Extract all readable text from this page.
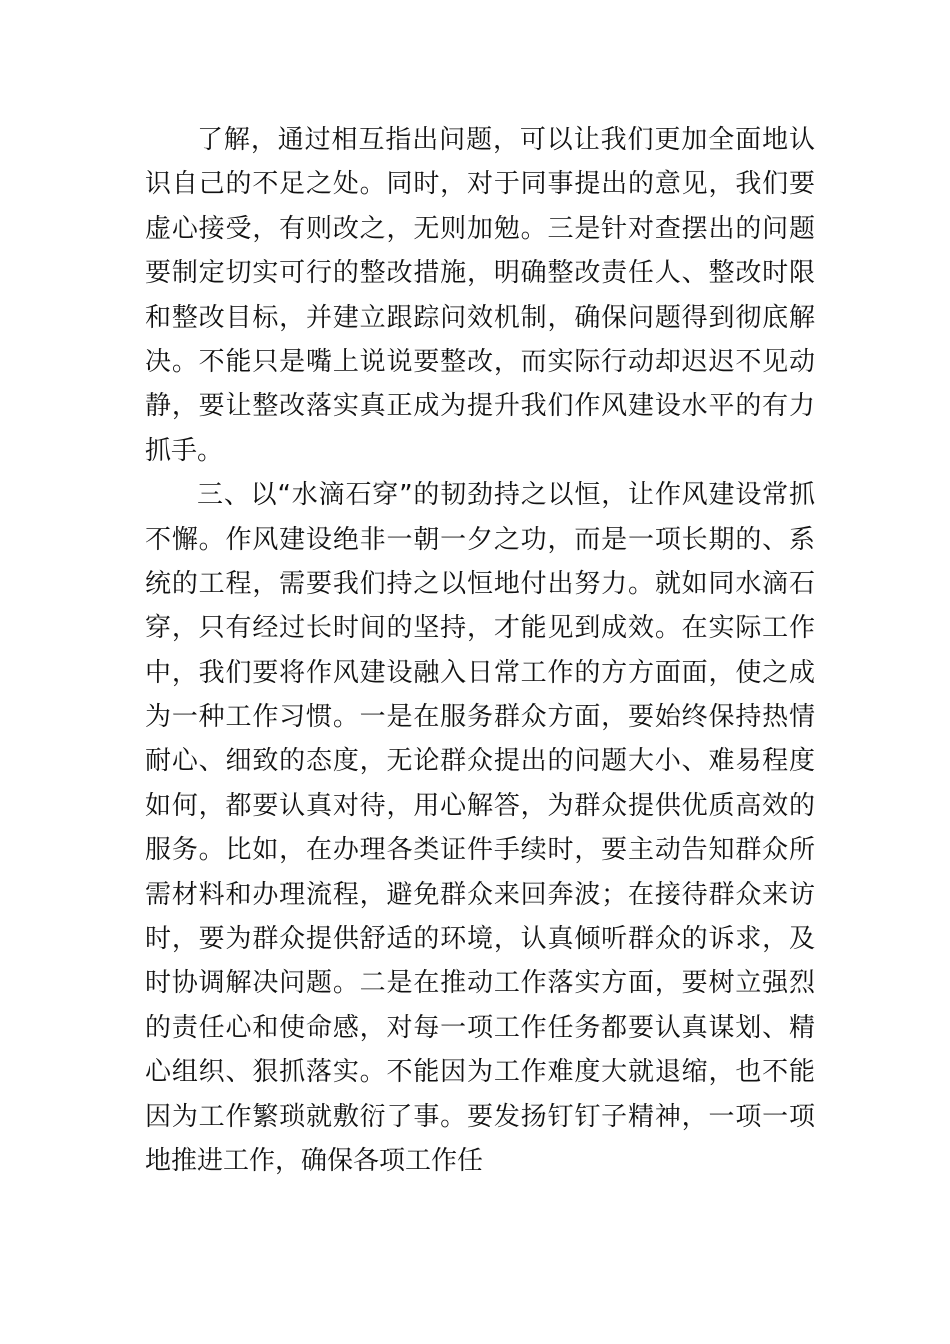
了解，通过相互指出问题，可以让我们更加全面地认
识自己的不足之处。同时，对于同事提出的意见，我们要
虚心接受，有则改之，无则加勉。三是针对查摆出的问题
要制定切实可行的整改措施，明确整改责任人、整改时限
和整改目标，并建立跟踪问效机制，确保问题得到彻底解
决。不能只是嘴上说说要整改，而实际行动却迟迟不见动
静，要让整改落实真正成为提升我们作风建设水平的有力
抓手。
三、以“水滴石穿”的韧劲持之以恒，让作风建设常抓
不懈。作风建设绝非一朝一夕之功，而是一项长期的、系
统的工程，需要我们持之以恒地付出努力。就如同水滴石
穿，只有经过长时间的坚持，才能见到成效。在实际工作
中，我们要将作风建设融入日常工作的方方面面，使之成
为一种工作习惯。一是在服务群众方面，要始终保持热情
耐心、细致的态度，无论群众提出的问题大小、难易程度
如何，都要认真对待，用心解答，为群众提供优质高效的
服务。比如，在办理各类证件手续时，要主动告知群众所
需材料和办理流程，避免群众来回奔波；在接待群众来访
时，要为群众提供舒适的环境，认真倾听群众的诉求，及
时协调解决问题。二是在推动工作落实方面，要树立强烈
的责任心和使命感，对每一项工作任务都要认真谋划、精
心组织、狠抓落实。不能因为工作难度大就退缩，也不能
因为工作繁琐就敷衍了事。要发扬钉钉子精神，一项一项
地推进工作，确保各项工作任
